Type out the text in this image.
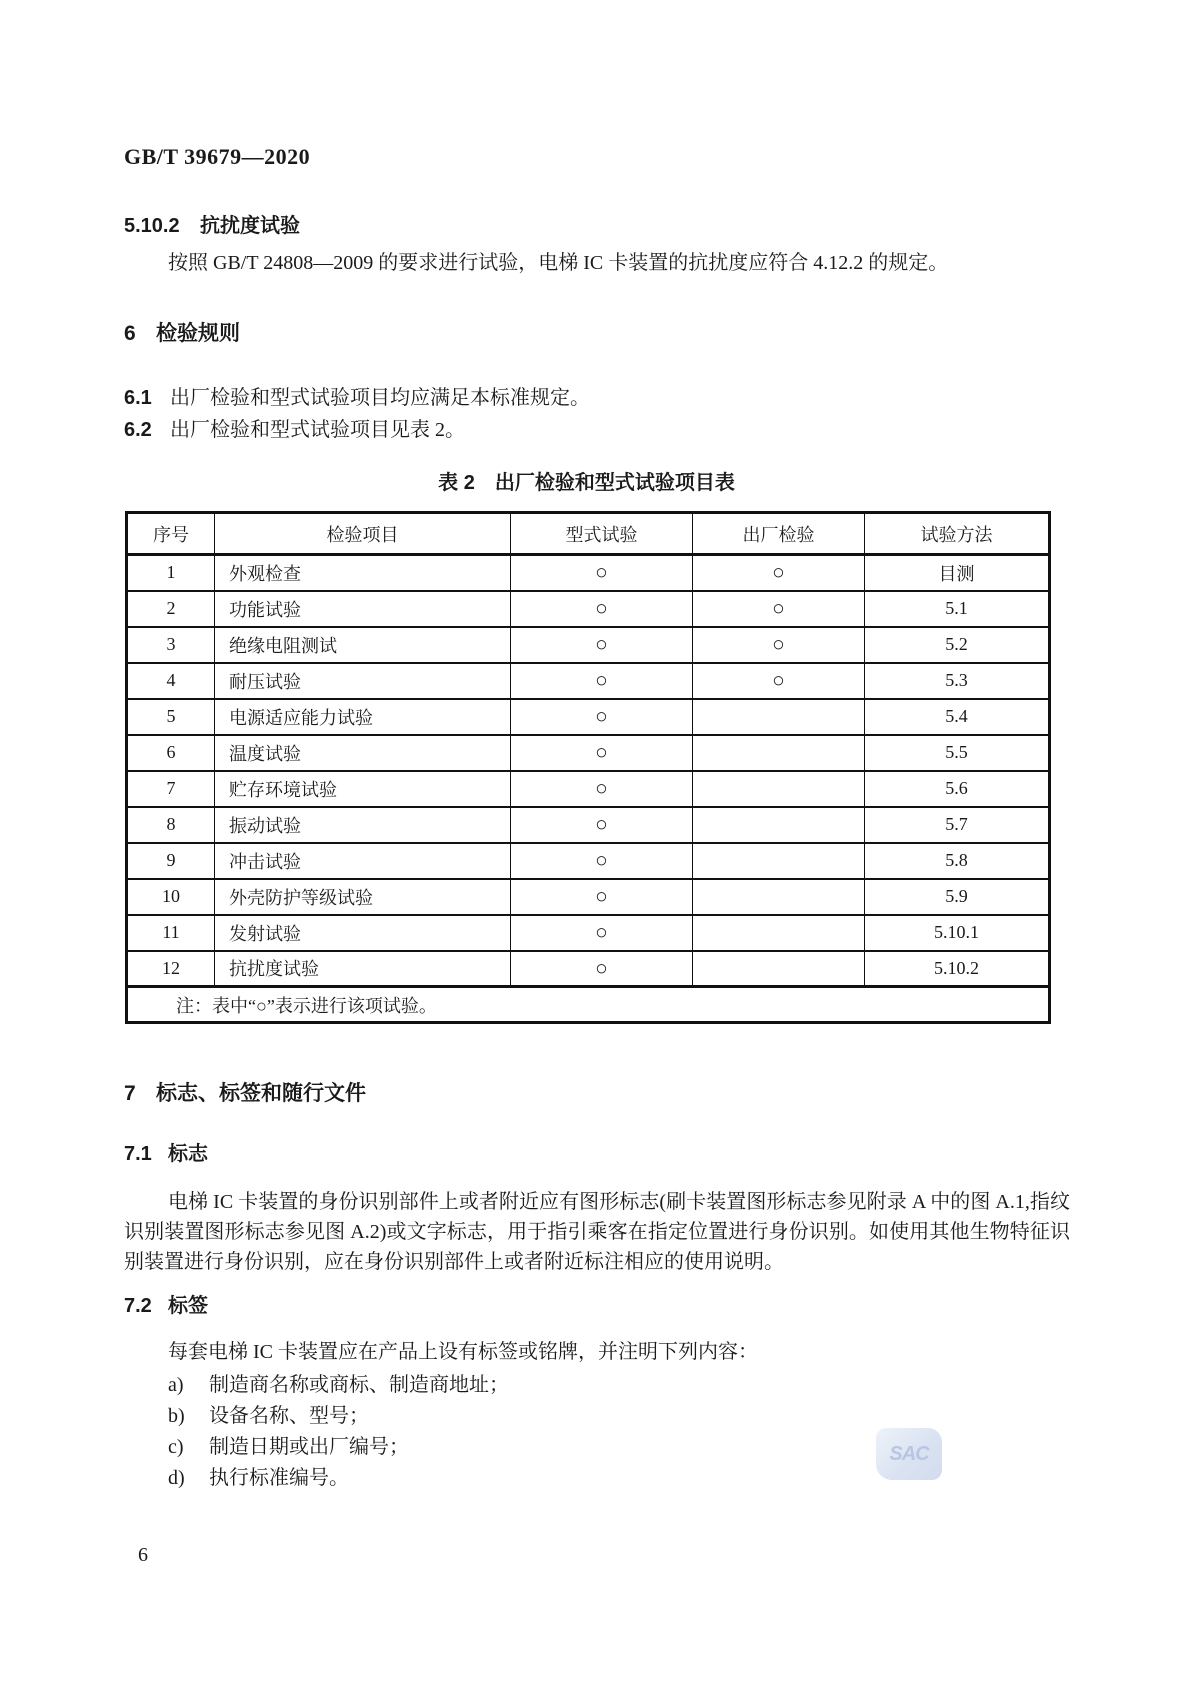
GB/T 39679—2020
5.10.2 抗扰度试验

按照 GB/T 24808—2009 的要求进行试验，电梯 IC 卡装置的抗扰度应符合 4.12.2 的规定。

6 检验规则
6.1 出厂检验和型式试验项目均应满足本标准规定。
6.2 出厂检验和型式试验项目见表 2。
表 2　出厂检验和型式试验项目表
序号	检验项目	型式试验	出厂检验	试验方法
1	外观检查	○	○	目测
2	功能试验	○	○	5.1
3	绝缘电阻测试	○	○	5.2
4	耐压试验	○	○	5.3
5	电源适应能力试验	○		5.4
6	温度试验	○		5.5
7	贮存环境试验	○		5.6
8	振动试验	○		5.7
9	冲击试验	○		5.8
10	外壳防护等级试验	○		5.9
11	发射试验	○		5.10.1
12	抗扰度试验	○		5.10.2
注：表中“○”表示进行该项试验。				
7 标志、标签和随行文件
7.1 标志

电梯 IC 卡装置的身份识别部件上或者附近应有图形标志(刷卡装置图形标志参见附录 A 中的图 A.1,指纹识别装置图形标志参见图 A.2)或文字标志，用于指引乘客在指定位置进行身份识别。如使用其他生物特征识别装置进行身份识别，应在身份识别部件上或者附近标注相应的使用说明。

7.2 标签

每套电梯 IC 卡装置应在产品上设有标签或铭牌，并注明下列内容：

a) 制造商名称或商标、制造商地址；
b) 设备名称、型号；
c) 制造日期或出厂编号；
d) 执行标准编号。
SAC
6
